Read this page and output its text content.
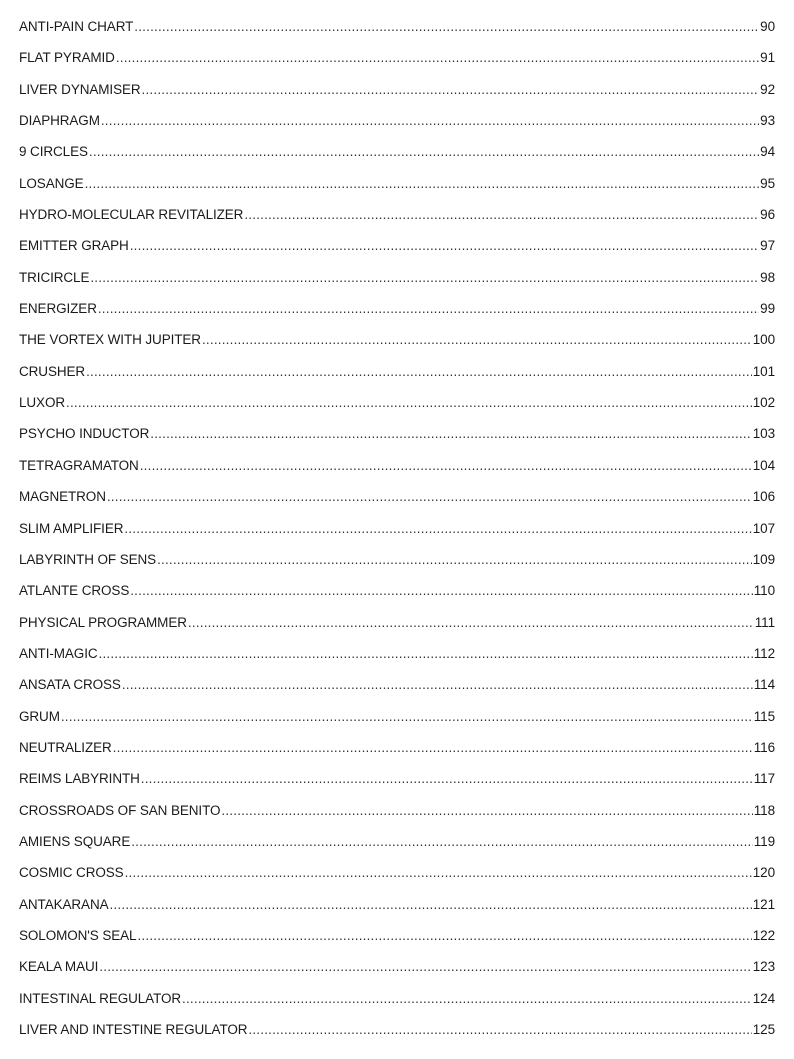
ANTI-PAIN CHART .....	90
FLAT PYRAMID .....	91
LIVER DYNAMISER .....	92
DIAPHRAGM .....	93
9 CIRCLES .....	94
LOSANGE .....	95
HYDRO-MOLECULAR REVITALIZER .....	96
EMITTER GRAPH .....	97
TRICIRCLE .....	98
ENERGIZER .....	99
THE VORTEX WITH JUPITER .....	100
CRUSHER .....	101
LUXOR .....	102
PSYCHO INDUCTOR .....	103
TETRAGRAMATON .....	104
MAGNETRON .....	106
SLIM AMPLIFIER .....	107
LABYRINTH OF SENS .....	109
ATLANTE CROSS .....	110
PHYSICAL PROGRAMMER .....	111
ANTI-MAGIC .....	112
ANSATA CROSS .....	114
GRUM .....	115
NEUTRALIZER .....	116
REIMS LABYRINTH .....	117
CROSSROADS OF SAN BENITO .....	118
AMIENS SQUARE .....	119
COSMIC CROSS .....	120
ANTAKARANA .....	121
SOLOMON'S SEAL .....	122
KEALA MAUI .....	123
INTESTINAL REGULATOR .....	124
LIVER AND INTESTINE REGULATOR .....	125
